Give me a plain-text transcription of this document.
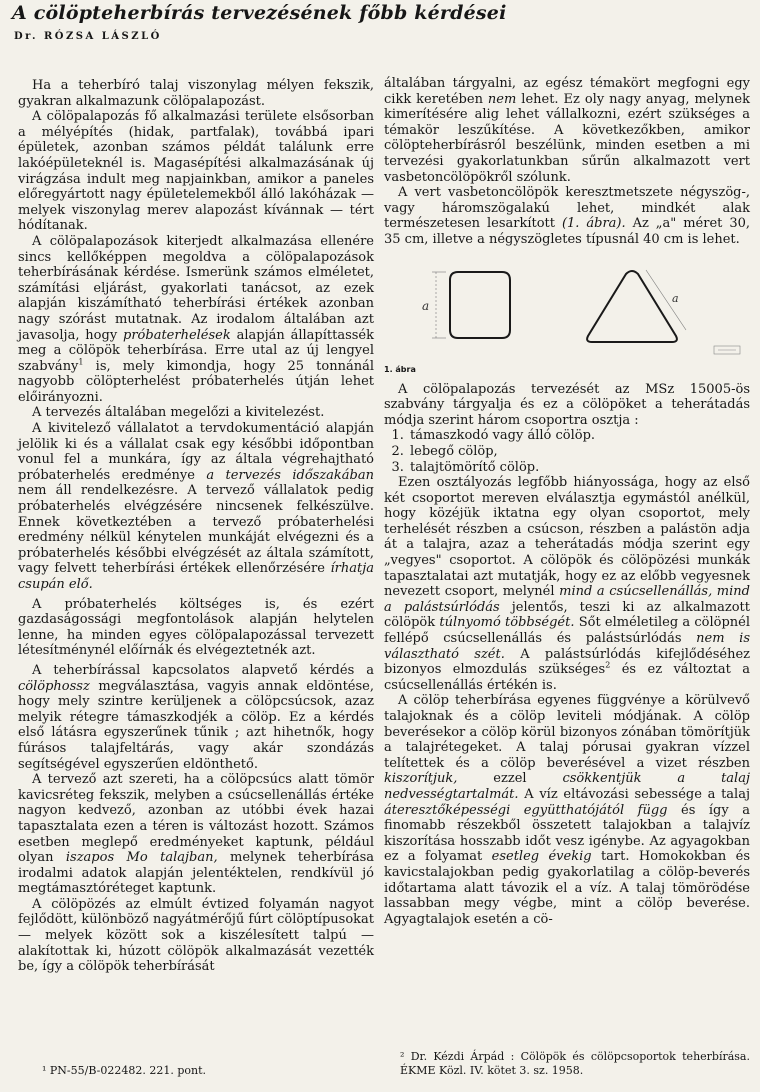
A cölöpteherbírás tervezésének főbb kérdései
Dr. RÓZSA LÁSZLÓ

Ha a teherbíró talaj viszonylag mélyen fekszik, gyakran alkalmazunk cölöpalapozást.

A cölöpalapozás fő alkalmazási területe elsősorban a mélyépítés (hidak, partfalak), továbbá ipari épületek, azonban számos példát találunk erre lakóépületeknél is. Magasépítési alkalmazásának új virágzása indult meg napjainkban, amikor a paneles előregyártott nagy épületelemekből álló lakóházak — melyek viszonylag merev alapozást kívánnak — tért hódítanak.

A cölöpalapozások kiterjedt alkalmazása ellenére sincs kellőképpen megoldva a cölöpalapozások teherbírásának kérdése. Ismerünk számos elméletet, számítási eljárást, gyakorlati tanácsot, az ezek alapján kiszámítható teherbírási értékek azonban nagy szórást mutatnak. Az irodalom általában azt javasolja, hogy próbaterhelések alapján állapíttassék meg a cölöpök teherbírása. Erre utal az új lengyel szabvány$^1$ is, mely kimondja, hogy 25 tonnánál nagyobb cölöpterhelést próbaterhelés útján lehet előirányozni.

A tervezés általában megelőzi a kivitelezést.

A kivitelező vállalatot a tervdokumentáció alapján jelölik ki és a vállalat csak egy későbbi időpontban vonul fel a munkára, így az általa végrehajtható próbaterhelés eredménye a tervezés időszakában nem áll rendelkezésre. A tervező vállalatok pedig próbaterhelés elvégzésére nincsenek felkészülve. Ennek következtében a tervező próbaterhelési eredmény nélkül kénytelen munkáját elvégezni és a próbaterhelés későbbi elvégzését az általa számított, vagy felvett teherbírási értékek ellenőrzésére írhatja csupán elő.

A próbaterhelés költséges is, és ezért gazdaságossági megfontolások alapján helytelen lenne, ha minden egyes cölöpalapozással tervezett létesítménynél előírnák és elvégeztetnék azt.

A teherbírással kapcsolatos alapvető kérdés a cölöphossz megválasztása, vagyis annak eldöntése, hogy mely szintre kerüljenek a cölöpcsúcsok, azaz melyik rétegre támaszkodjék a cölöp. Ez a kérdés első látásra egyszerűnek tűnik ; azt hihetnők, hogy fúrásos talajfeltárás, vagy akár szondázás segítségével egyszerűen eldönthető.

A tervező azt szereti, ha a cölöpcsúcs alatt tömör kavicsréteg fekszik, melyben a csúcsellenállás értéke nagyon kedvező, azonban az utóbbi évek hazai tapasztalata ezen a téren is változást hozott. Számos esetben meglepő eredményeket kaptunk, például olyan iszapos Mo talajban, melynek teherbírása irodalmi adatok alapján jelentéktelen, rendkívül jó megtámasztóréteget kaptunk.

A cölöpözés az elmúlt évtized folyamán nagyot fejlődött, különböző nagyátmérőjű fúrt cölöptípusokat — melyek között sok a kiszélesített talpú — alakítottak ki, húzott cölöpök alkalmazását vezették be, így a cölöpök teherbírását

általában tárgyalni, az egész témakört megfogni egy cikk keretében nem lehet. Ez oly nagy anyag, melynek kimerítésére alig lehet vállalkozni, ezért szükséges a témakör leszűkítése. A következőkben, amikor cölöpteherbírásról beszélünk, minden esetben a mi tervezési gyakorlatunkban sűrűn alkalmazott vert vasbetoncölöpökről szólunk.

A vert vasbetoncölöpök keresztmetszete négyszög-, vagy háromszögalakú lehet, mindkét alak természetesen lesarkított (1. ábra). Az „a" méret 30, 35 cm, illetve a négyszögletes típusnál 40 cm is lehet.

a
a
1. ábra

A cölöpalapozás tervezését az MSz 15005-ös szabvány tárgyalja és ez a cölöpöket a teherátadás módja szerint három csoportra osztja :

1. támaszkodó vagy álló cölöp.
2. lebegő cölöp,
3. talajtömörítő cölöp.

Ezen osztályozás legfőbb hiányossága, hogy az első két csoportot mereven elválasztja egymástól anélkül, hogy közéjük iktatna egy olyan csoportot, mely terhelését részben a csúcson, részben a palástön adja át a talajra, azaz a teherátadás módja szerint egy „vegyes" csoportot. A cölöpök és cölöpözési munkák tapasztalatai azt mutatják, hogy ez az előbb vegyesnek nevezett csoport, melynél mind a csúcsellenállás, mind a palástsúrlódás jelentős, teszi ki az alkalmazott cölöpök túlnyomó többségét. Sőt elméletileg a cölöpnél fellépő csúcsellenállás és palástsúrlódás nem is választható szét. A palástsúrlódás kifejlődéséhez bizonyos elmozdulás szükséges$^2$ és ez változtat a csúcsellenállás értékén is.

A cölöp teherbírása egyenes függvénye a körülvevő talajoknak és a cölöp leviteli módjának. A cölöp beverésekor a cölöp körül bizonyos zónában tömörítjük a talajrétegeket. A talaj pórusai gyakran vízzel telítettek és a cölöp beverésével a vizet részben kiszorítjuk, ezzel csökkentjük a talaj nedvességtartalmát. A víz eltávozási sebessége a talaj áteresztőképességi együtthatójától függ és így a finomabb részekből összetett talajokban a talajvíz kiszorítása hosszabb időt vesz igénybe. Az agyagokban ez a folyamat esetleg évekig tart. Homokokban és kavicstalajokban pedig gyakorlatilag a cölöp-beverés időtartama alatt távozik el a víz. A talaj tömörödése lassabban megy végbe, mint a cölöp beverése. Agyagtalajok esetén a cö-

¹ PN-55/B-022482. 221. pont.
² Dr. Kézdi Árpád : Cölöpök és cölöpcsoportok teherbírása. ÉKME Közl. IV. kötet 3. sz. 1958.
